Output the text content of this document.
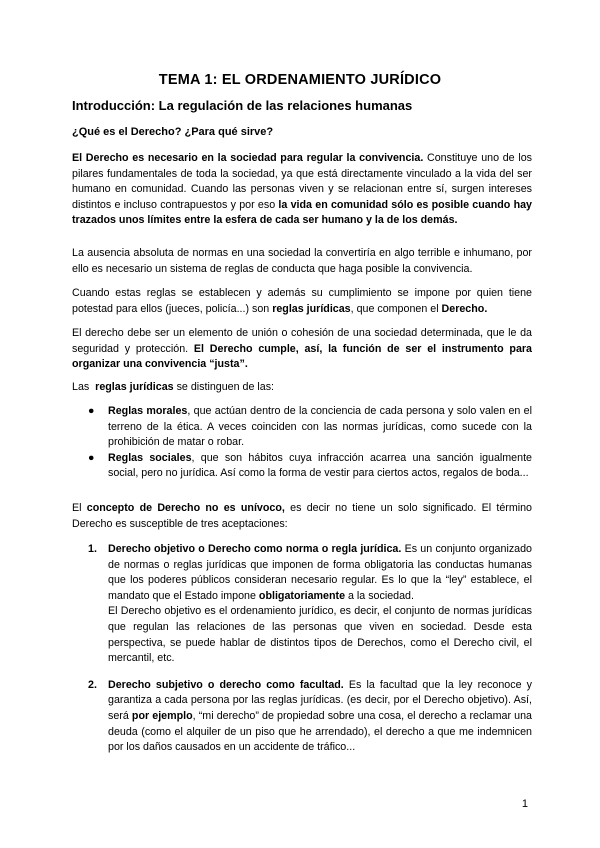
TEMA 1: EL ORDENAMIENTO JURÍDICO
Introducción: La regulación de las relaciones humanas
¿Qué es el Derecho? ¿Para qué sirve?

El Derecho es necesario en la sociedad para regular la convivencia. Constituye uno de los pilares fundamentales de toda la sociedad, ya que está directamente vinculado a la vida del ser humano en comunidad. Cuando las personas viven y se relacionan entre sí, surgen intereses distintos e incluso contrapuestos y por eso la vida en comunidad sólo es posible cuando hay trazados unos límites entre la esfera de cada ser humano y la de los demás.

La ausencia absoluta de normas en una sociedad la convertiría en algo terrible e inhumano, por ello es necesario un sistema de reglas de conducta que haga posible la convivencia.

Cuando estas reglas se establecen y además su cumplimiento se impone por quien tiene potestad para ellos (jueces, policía...) son reglas jurídicas, que componen el Derecho.

El derecho debe ser un elemento de unión o cohesión de una sociedad determinada, que le da seguridad y protección. El Derecho cumple, así, la función de ser el instrumento para organizar una convivencia “justa”.

Las  reglas jurídicas se distinguen de las:

● Reglas morales, que actúan dentro de la conciencia de cada persona y solo valen en el terreno de la ética. A veces coinciden con las normas jurídicas, como sucede con la prohibición de matar o robar.
● Reglas sociales, que son hábitos cuya infracción acarrea una sanción igualmente social, pero no jurídica. Así como la forma de vestir para ciertos actos, regalos de boda...

El concepto de Derecho no es unívoco, es decir no tiene un solo significado. El término Derecho es susceptible de tres aceptaciones:

1. Derecho objetivo o Derecho como norma o regla jurídica. Es un conjunto organizado de normas o reglas jurídicas que imponen de forma obligatoria las conductas humanas que los poderes públicos consideran necesario regular. Es lo que la “ley” establece, el mandato que el Estado impone obligatoriamente a la sociedad.
El Derecho objetivo es el ordenamiento jurídico, es decir, el conjunto de normas jurídicas que regulan las relaciones de las personas que viven en sociedad. Desde esta perspectiva, se puede hablar de distintos tipos de Derechos, como el Derecho civil, el mercantil, etc.
2. Derecho subjetivo o derecho como facultad. Es la facultad que la ley reconoce y garantiza a cada persona por las reglas jurídicas. (es decir, por el Derecho objetivo). Así, será por ejemplo, “mi derecho” de propiedad sobre una cosa, el derecho a reclamar una deuda (como el alquiler de un piso que he arrendado), el derecho a que me indemnicen por los daños causados en un accidente de tráfico...
1
